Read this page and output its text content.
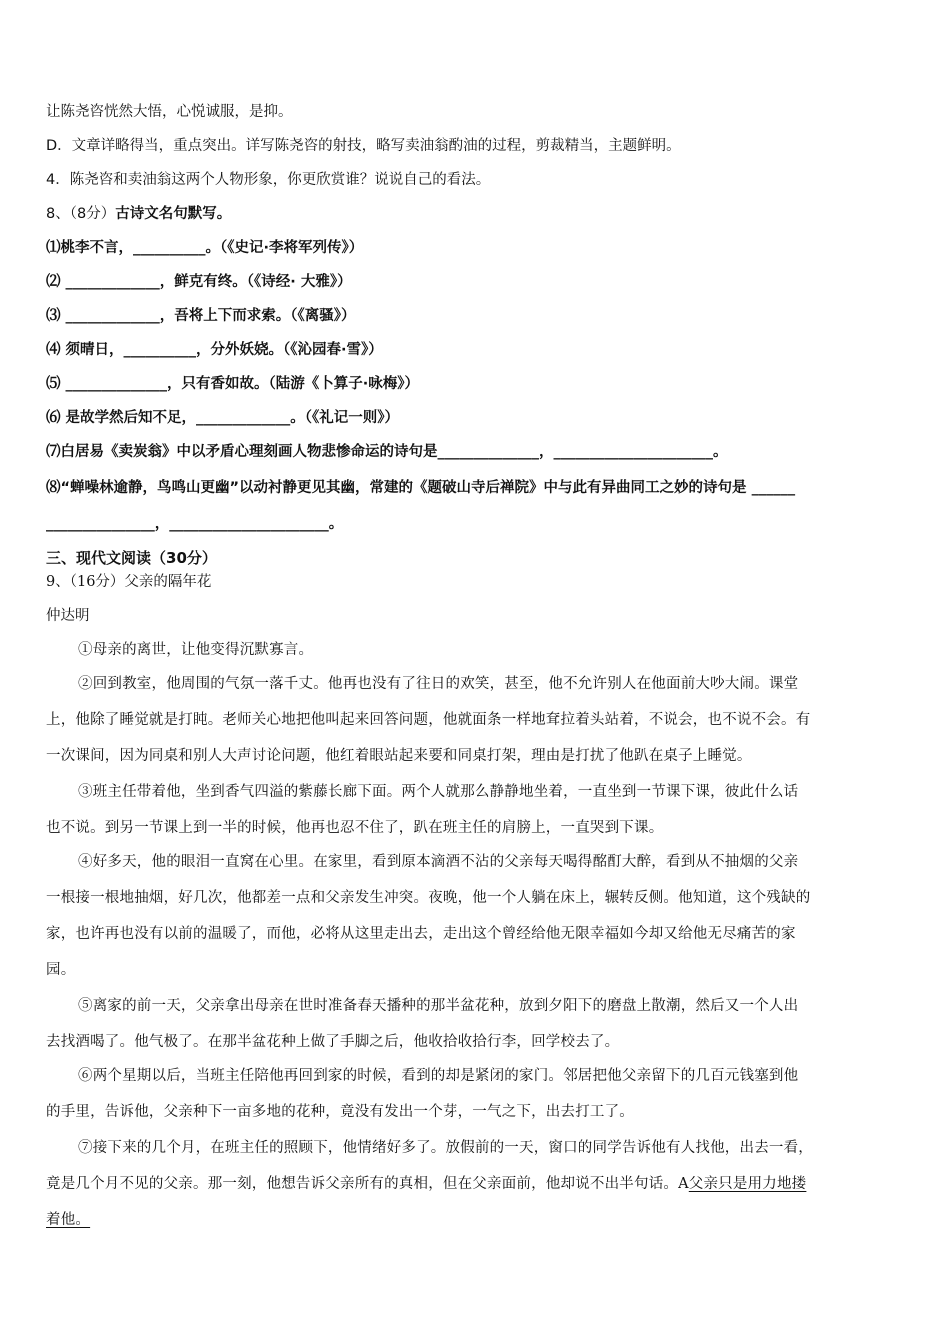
让陈尧咨恍然大悟，心悦诚服，是抑。
D．文章详略得当，重点突出。详写陈尧咨的射技，略写卖油翁酌油的过程，剪裁精当，主题鲜明。
4．陈尧咨和卖油翁这两个人物形象，你更欣赏谁？说说自己的看法。
8、（8分）古诗文名句默写。
⑴桃李不言，__________。（《史记·李将军列传》）
⑵ _____________，鲜克有终。（《诗经· 大雅》）
⑶ _____________，吾将上下而求索。（《离骚》）
⑷ 须晴日，__________，分外妖娆。（《沁园春·雪》）
⑸ ______________，只有香如故。（陆游《卜算子·咏梅》）
⑹ 是故学然后知不足，_____________。（《礼记一则》）
⑺白居易《卖炭翁》中以矛盾心理刻画人物悲惨命运的诗句是______________，______________________。
⑻“蝉噪林逾静，鸟鸣山更幽”以动衬静更见其幽，常建的《题破山寺后禅院》中与此有异曲同工之妙的诗句是 ______
_______________，______________________。
三、现代文阅读（30分）
9、（16分）父亲的隔年花
仲达明
①母亲的离世，让他变得沉默寡言。
②回到教室，他周围的气氛一落千丈。他再也没有了往日的欢笑，甚至，他不允许别人在他面前大吵大闹。课堂
上，他除了睡觉就是打盹。老师关心地把他叫起来回答问题，他就面条一样地耷拉着头站着，不说会，也不说不会。有
一次课间，因为同桌和别人大声讨论问题，他红着眼站起来要和同桌打架，理由是打扰了他趴在桌子上睡觉。
③班主任带着他，坐到香气四溢的紫藤长廊下面。两个人就那么静静地坐着，一直坐到一节课下课，彼此什么话
也不说。到另一节课上到一半的时候，他再也忍不住了，趴在班主任的肩膀上，一直哭到下课。
④好多天，他的眼泪一直窝在心里。在家里，看到原本滴酒不沾的父亲每天喝得酩酊大醉，看到从不抽烟的父亲
一根接一根地抽烟，好几次，他都差一点和父亲发生冲突。夜晚，他一个人躺在床上，辗转反侧。他知道，这个残缺的
家，也许再也没有以前的温暖了，而他，必将从这里走出去，走出这个曾经给他无限幸福如今却又给他无尽痛苦的家
园。
⑤离家的前一天，父亲拿出母亲在世时准备春天播种的那半盆花种，放到夕阳下的磨盘上散潮，然后又一个人出
去找酒喝了。他气极了。在那半盆花种上做了手脚之后，他收拾收拾行李，回学校去了。
⑥两个星期以后，当班主任陪他再回到家的时候，看到的却是紧闭的家门。邻居把他父亲留下的几百元钱塞到他
的手里，告诉他，父亲种下一亩多地的花种，竟没有发出一个芽，一气之下，出去打工了。
⑦接下来的几个月，在班主任的照顾下，他情绪好多了。放假前的一天，窗口的同学告诉他有人找他，出去一看，
竟是几个月不见的父亲。那一刻，他想告诉父亲所有的真相，但在父亲面前，他却说不出半句话。A父亲只是用力地搂
着他。
